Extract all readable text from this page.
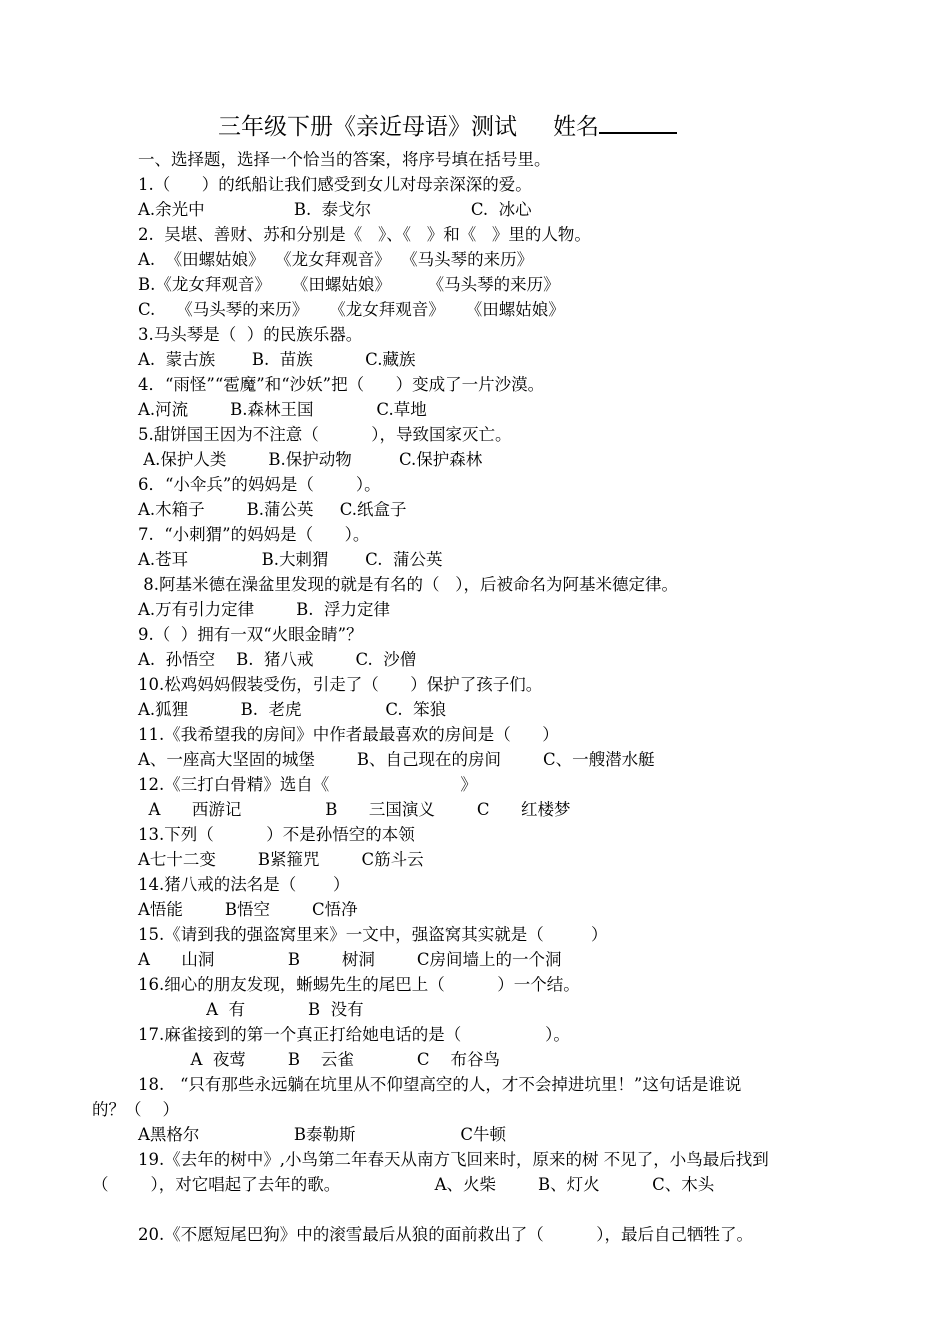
三年级下册《亲近母语》测试 姓名
一、选择题，选择一个恰当的答案，将序号填在括号里。
1.（      ）的纸船让我们感受到女儿对母亲深深的爱。
A.余光中                 B.  泰戈尔                   C.  冰心
2.  吴堪、善财、苏和分别是《   》、《   》和《   》里的人物。
A.  《田螺姑娘》  《龙女拜观音》  《马头琴的来历》
B.《龙女拜观音》    《田螺姑娘》       《马头琴的来历》
C.    《马头琴的来历》    《龙女拜观音》    《田螺姑娘》
3.马头琴是（  ）的民族乐器。
A.  蒙古族       B.  苗族          C.藏族
4．“雨怪”“雹魔”和“沙妖”把（      ）变成了一片沙漠。
A.河流        B.森林王国            C.草地
5.甜饼国王因为不注意（          ），导致国家灭亡。
A.保护人类        B.保护动物         C.保护森林
6．“小伞兵”的妈妈是（        ）。
A.木箱子        B.蒲公英     C.纸盒子
7.  “小刺猬”的妈妈是（      ）。
A.苍耳              B.大刺猬       C.  蒲公英
8.阿基米德在澡盆里发现的就是有名的（   ），后被命名为阿基米德定律。
A.万有引力定律        B.  浮力定律
9.（  ）拥有一双“火眼金睛”？
A.  孙悟空    B.  猪八戒        C.  沙僧
10.松鸡妈妈假装受伤，引走了（      ）保护了孩子们。
A.狐狸          B.  老虎                C.  笨狼
11.《我希望我的房间》中作者最最喜欢的房间是（      ）
A、一座高大坚固的城堡        B、自己现在的房间        C、一艘潜水艇
12.《三打白骨精》选自《                         》
A      西游记                B      三国演义        C      红楼梦
13.下列（          ）不是孙悟空的本领
A七十二变        B紧箍咒        C筋斗云
14.猪八戒的法名是（       ）
A悟能        B悟空        C悟净
15.《请到我的强盗窝里来》一文中，强盗窝其实就是（         ）
A      山洞              B        树洞        C房间墙上的一个洞
16.细心的朋友发现，蜥蜴先生的尾巴上（          ）一个结。
A  有            B  没有
17.麻雀接到的第一个真正打给她电话的是（                ）。
A  夜莺        B    云雀            C    布谷鸟
18.   “只有那些永远躺在坑里从不仰望高空的人，才不会掉进坑里！”这句话是谁说
的？（    ）
A黑格尔                  B泰勒斯                    C牛顿
19.《去年的树中》,小鸟第二年春天从南方飞回来时，原来的树 不见了，小鸟最后找到
（        ），对它唱起了去年的歌。                  A、火柴        B、灯火          C、木头
20.《不愿短尾巴狗》中的滚雪最后从狼的面前救出了（          ），最后自己牺牲了。
